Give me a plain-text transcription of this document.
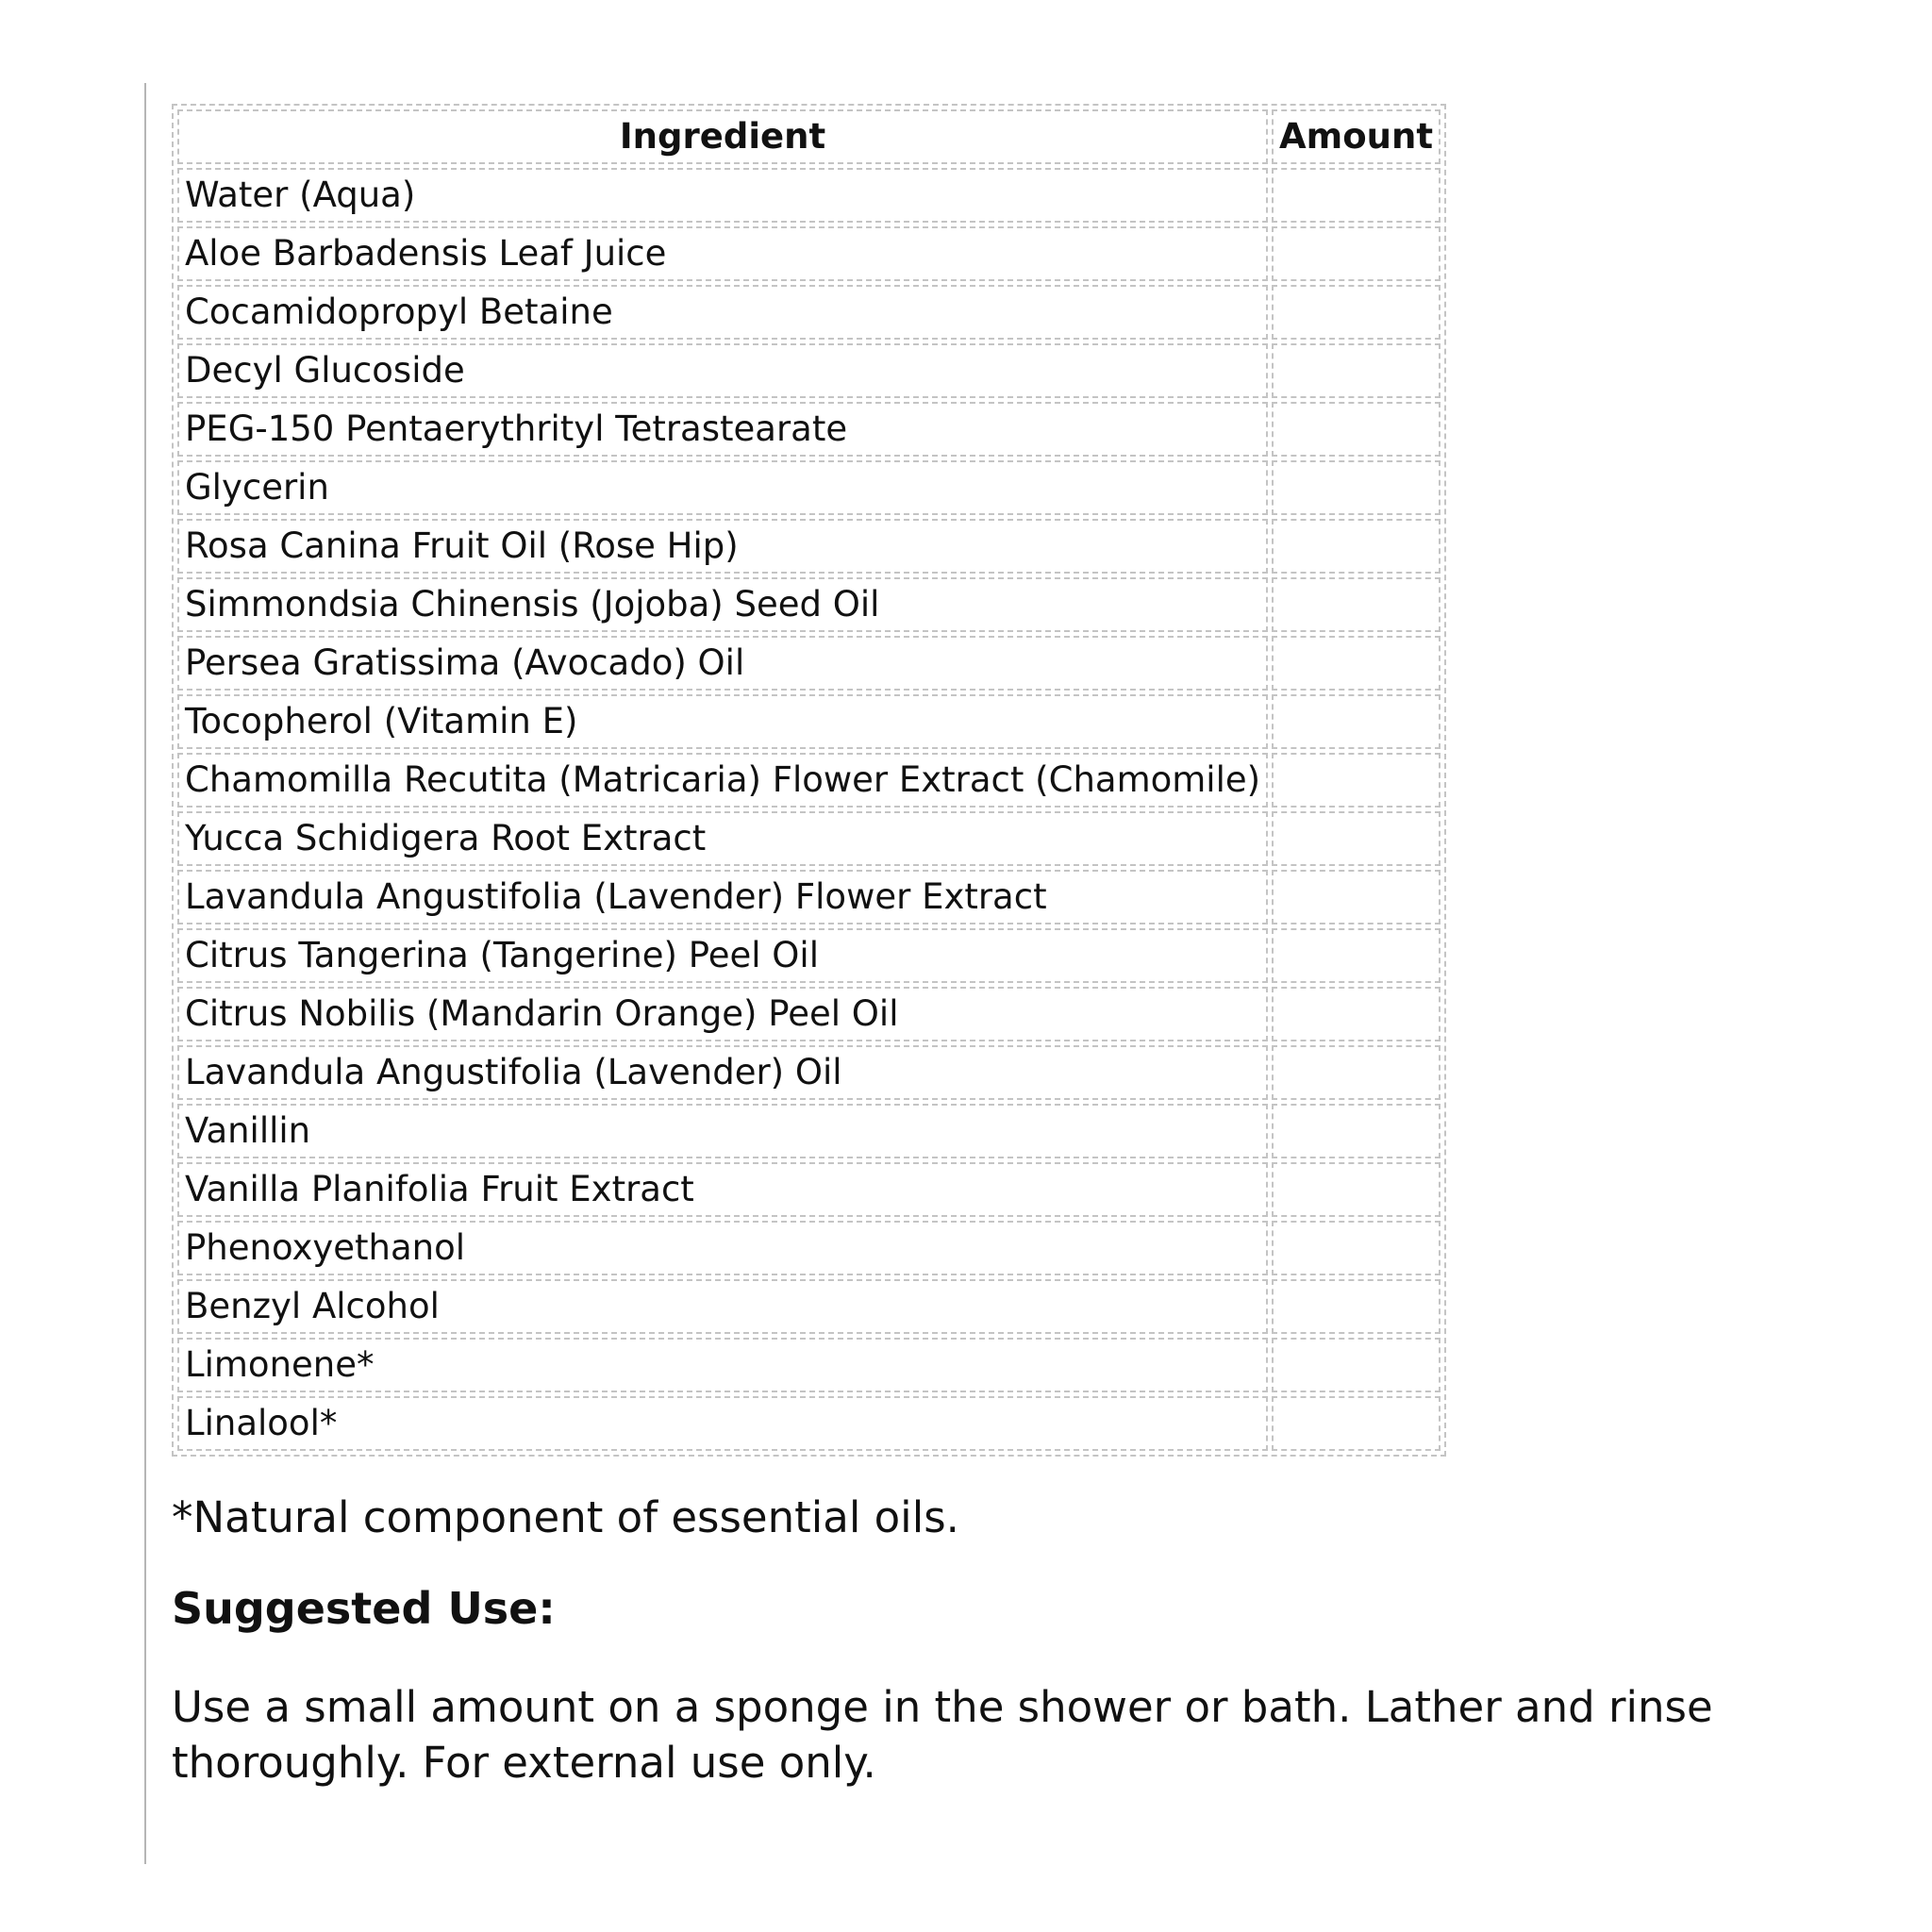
Ingredient	Amount
Water (Aqua)	
Aloe Barbadensis Leaf Juice	
Cocamidopropyl Betaine	
Decyl Glucoside	
PEG-150 Pentaerythrityl Tetrastearate	
Glycerin	
Rosa Canina Fruit Oil (Rose Hip)	
Simmondsia Chinensis (Jojoba) Seed Oil	
Persea Gratissima (Avocado) Oil	
Tocopherol (Vitamin E)	
Chamomilla Recutita (Matricaria) Flower Extract (Chamomile)	
Yucca Schidigera Root Extract	
Lavandula Angustifolia (Lavender) Flower Extract	
Citrus Tangerina (Tangerine) Peel Oil	
Citrus Nobilis (Mandarin Orange) Peel Oil	
Lavandula Angustifolia (Lavender) Oil	
Vanillin	
Vanilla Planifolia Fruit Extract	
Phenoxyethanol	
Benzyl Alcohol	
Limonene*	
Linalool*	

*Natural component of essential oils.

Suggested Use:

Use a small amount on a sponge in the shower or bath. Lather and rinse thoroughly. For external use only.
